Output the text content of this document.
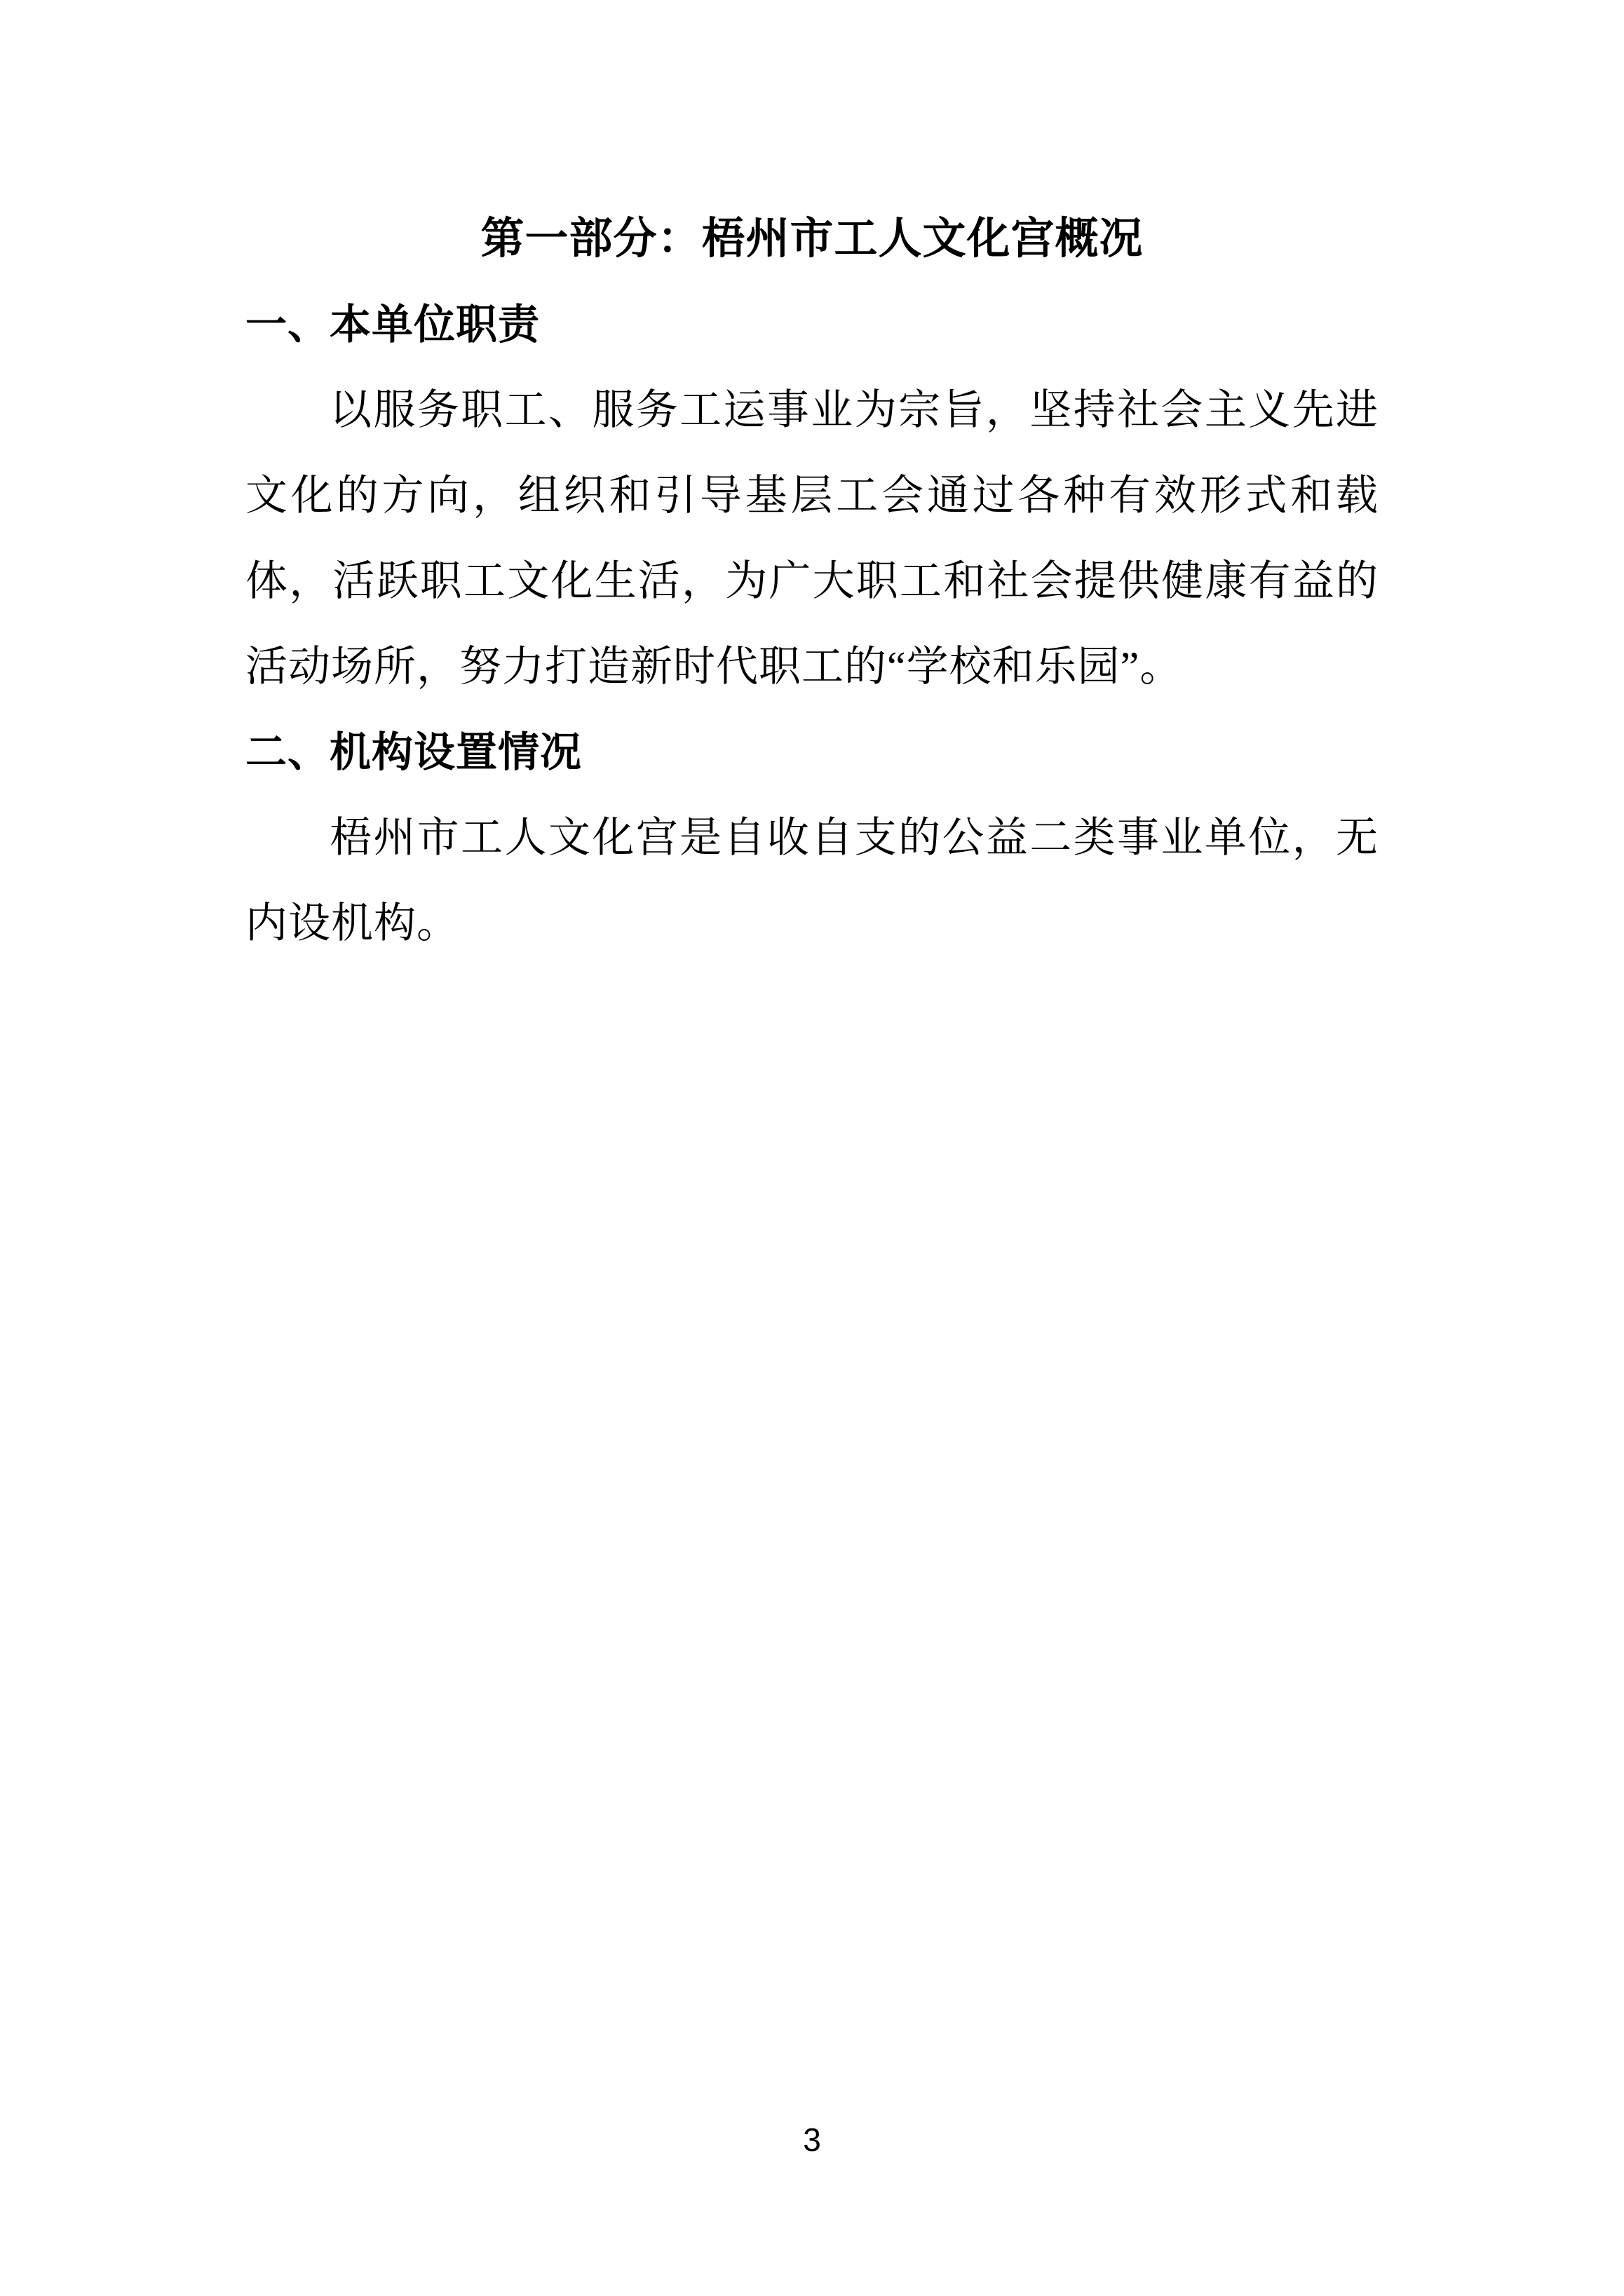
第一部分：梧州市工人文化宫概况
一、本单位职责

以服务职工、服务工运事业为宗旨，坚持社会主义先进文化的方向，组织和引导基层工会通过各种有效形式和载体，活跃职工文化生活，为广大职工和社会提供健康有益的活动场所，努力打造新时代职工的“学校和乐园”。

二、机构设置情况

梧州市工人文化宫是自收自支的公益二类事业单位，无内设机构。

3
